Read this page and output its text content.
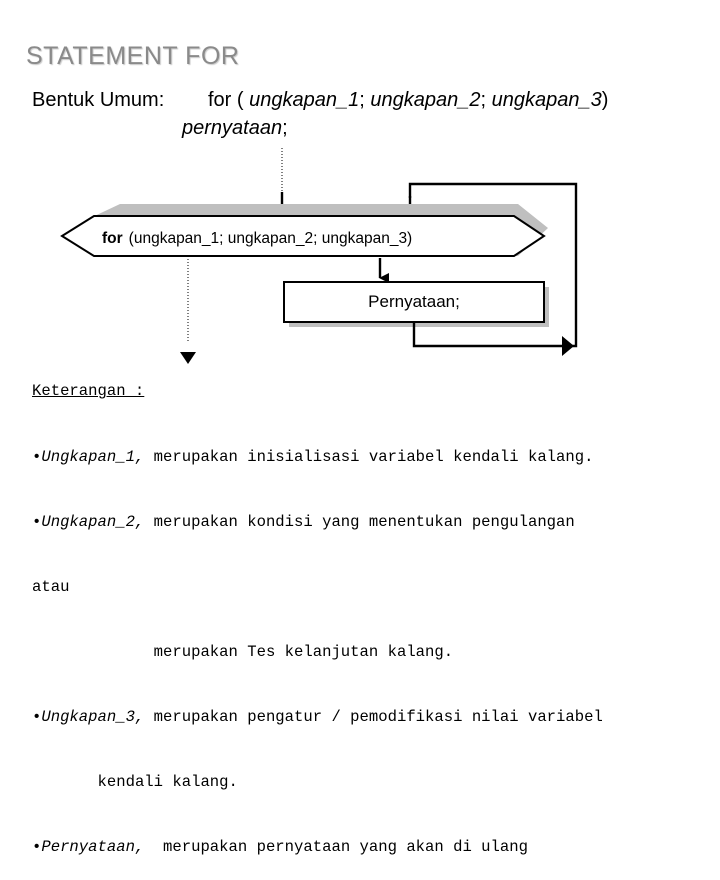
STATEMENT FOR
Bentuk Umum: for ( ungkapan_1; ungkapan_2; ungkapan_3)
pernyataan;
for (ungkapan_1; ungkapan_2; ungkapan_3)
Pernyataan;

Keterangan :

•Ungkapan_1, merupakan inisialisasi variabel kendali kalang.

•Ungkapan_2, merupakan kondisi yang menentukan pengulangan

atau

merupakan Tes kelanjutan kalang.

•Ungkapan_3, merupakan pengatur / pemodifikasi nilai variabel

kendali kalang.

•Pernyataan, merupakan pernyataan yang akan di ulang
